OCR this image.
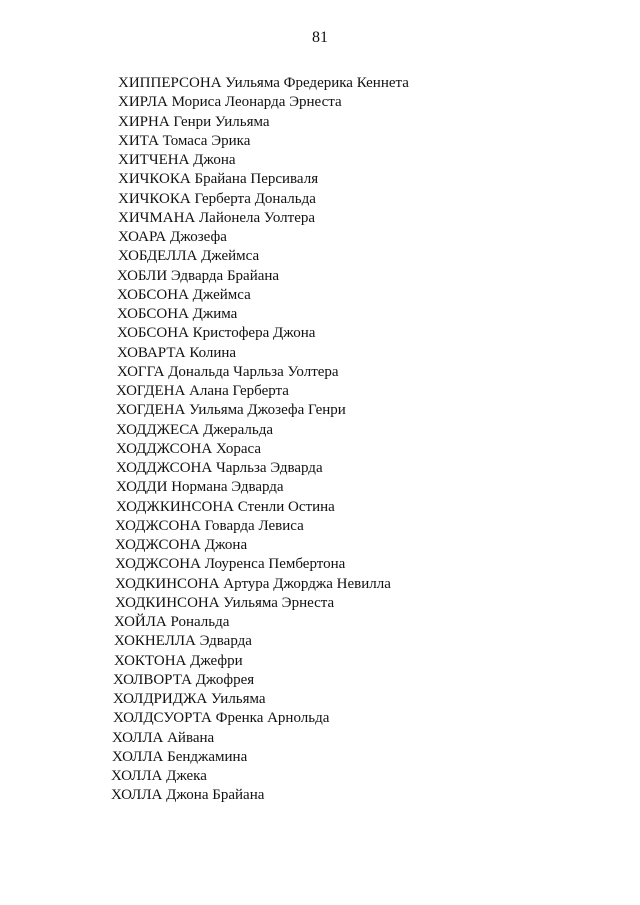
81
ХИППЕРСОНА Уильяма Фредерика Кеннета
ХИРЛА Мориса Леонарда Эрнеста
ХИРНА Генри Уильяма
ХИТА Томаса Эрика
ХИТЧЕНА Джона
ХИЧКОКА Брайана Персиваля
ХИЧКОКА Герберта Дональда
ХИЧМАНА Лайонела Уолтера
ХОАРА Джозефа
ХОБДЕЛЛА Джеймса
ХОБЛИ Эдварда Брайана
ХОБСОНА Джеймса
ХОБСОНА Джима
ХОБСОНА Кристофера Джона
ХОВАРТА Колина
ХОГГА Дональда Чарльза Уолтера
ХОГДЕНА Алана Герберта
ХОГДЕНА Уильяма Джозефа Генри
ХОДДЖЕСА Джеральда
ХОДДЖСОНА Хораса
ХОДДЖСОНА Чарльза Эдварда
ХОДДИ Нормана Эдварда
ХОДЖКИНСОНА Стенли Остина
ХОДЖСОНА Говарда Левиса
ХОДЖСОНА Джона
ХОДЖСОНА Лоуренса Пембертона
ХОДКИНСОНА Артура Джорджа Невилла
ХОДКИНСОНА Уильяма Эрнеста
ХОЙЛА Рональда
ХОКНЕЛЛА Эдварда
ХОКТОНА Джефри
ХОЛВОРТА Джофрея
ХОЛДРИДЖА Уильяма
ХОЛДСУОРТА Френка Арнольда
ХОЛЛА Айвана
ХОЛЛА Бенджамина
ХОЛЛА Джека
ХОЛЛА Джона Брайана
